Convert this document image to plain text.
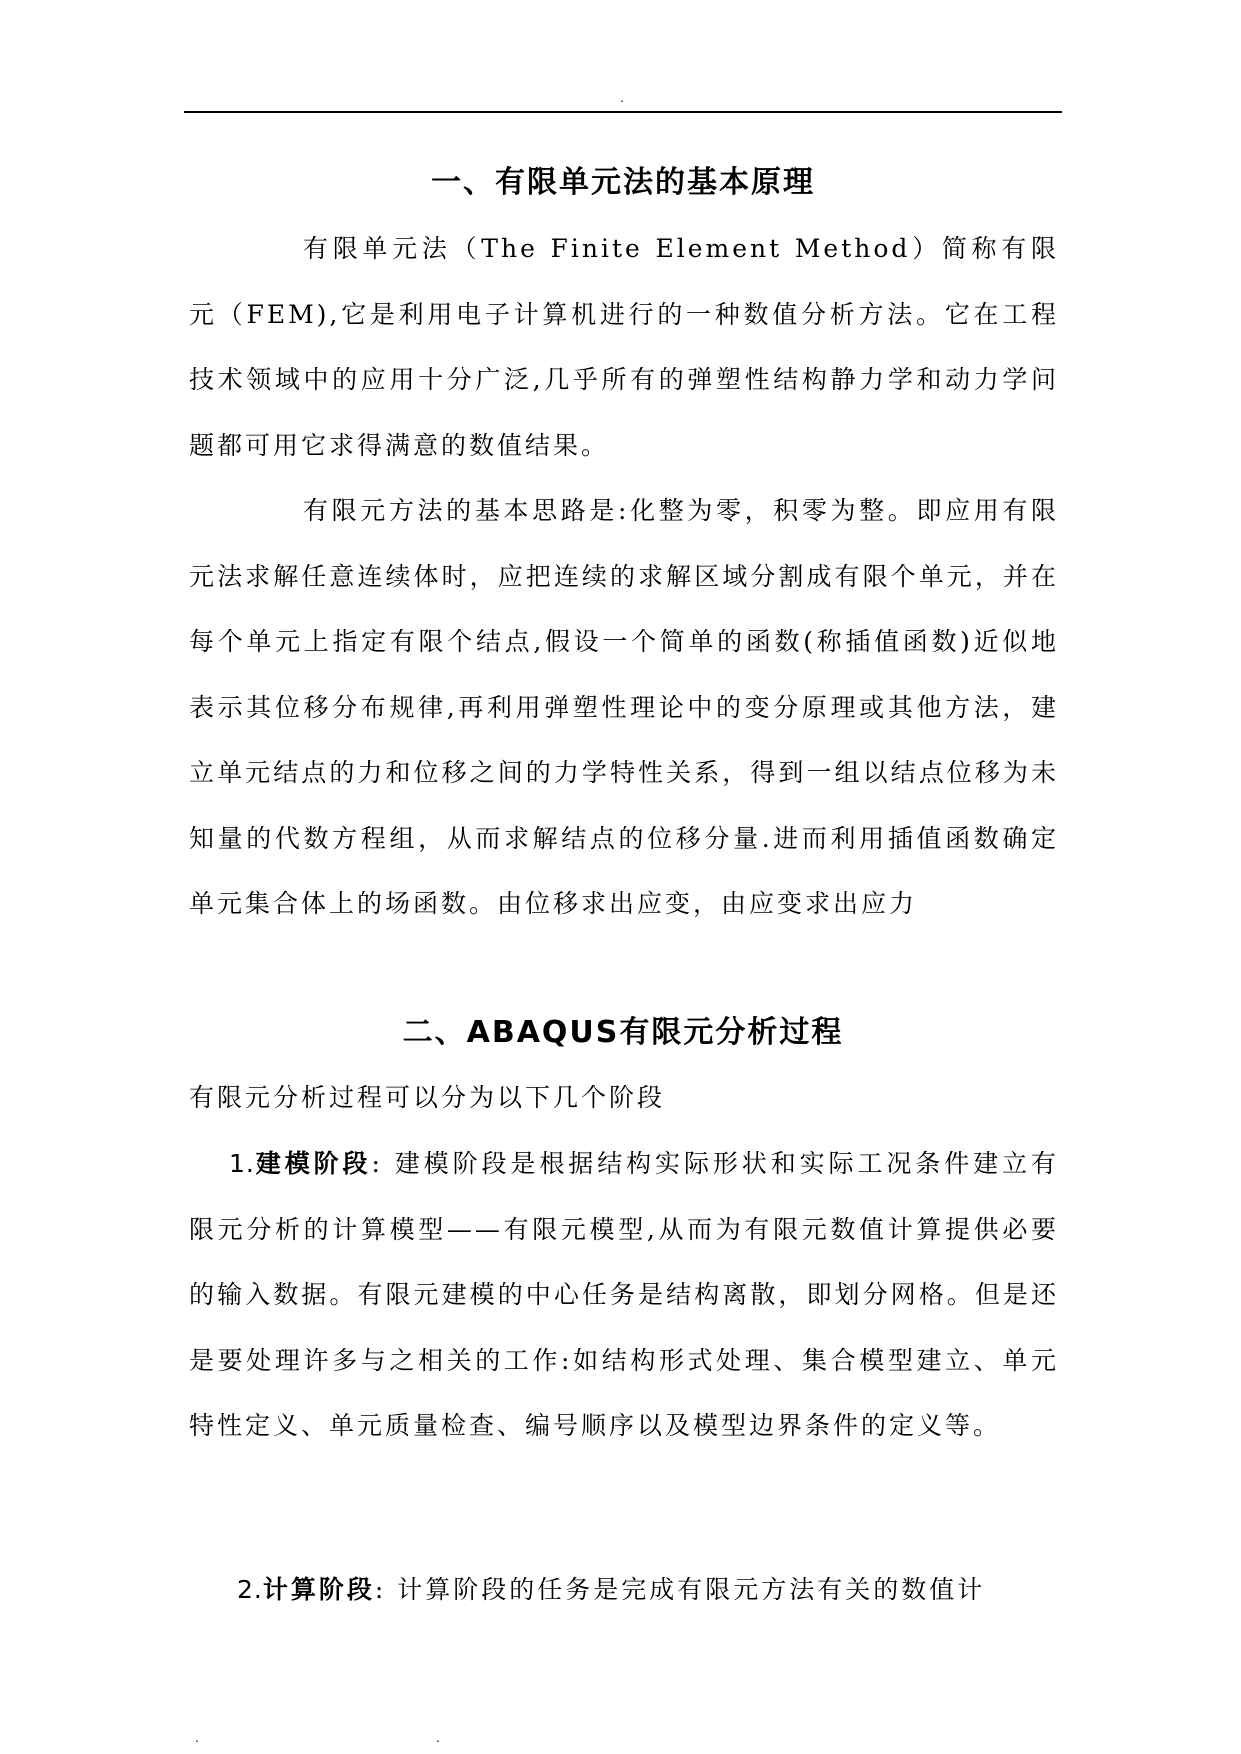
.
一、有限单元法的基本原理

有限单元法（The Finite Element Method）简称有限元（FEM),它是利用电子计算机进行的一种数值分析方法。它在工程技术领域中的应用十分广泛,几乎所有的弹塑性结构静力学和动力学问题都可用它求得满意的数值结果。

有限元方法的基本思路是:化整为零，积零为整。即应用有限元法求解任意连续体时，应把连续的求解区域分割成有限个单元，并在每个单元上指定有限个结点,假设一个简单的函数(称插值函数)近似地表示其位移分布规律,再利用弹塑性理论中的变分原理或其他方法，建立单元结点的力和位移之间的力学特性关系，得到一组以结点位移为未知量的代数方程组，从而求解结点的位移分量.进而利用插值函数确定单元集合体上的场函数。由位移求出应变，由应变求出应力

二、ABAQUS有限元分析过程

有限元分析过程可以分为以下几个阶段

1.建模阶段: 建模阶段是根据结构实际形状和实际工况条件建立有限元分析的计算模型——有限元模型,从而为有限元数值计算提供必要的输入数据。有限元建模的中心任务是结构离散，即划分网格。但是还是要处理许多与之相关的工作:如结构形式处理、集合模型建立、单元特性定义、单元质量检查、编号顺序以及模型边界条件的定义等。

2.计算阶段: 计算阶段的任务是完成有限元方法有关的数值计

.	.
